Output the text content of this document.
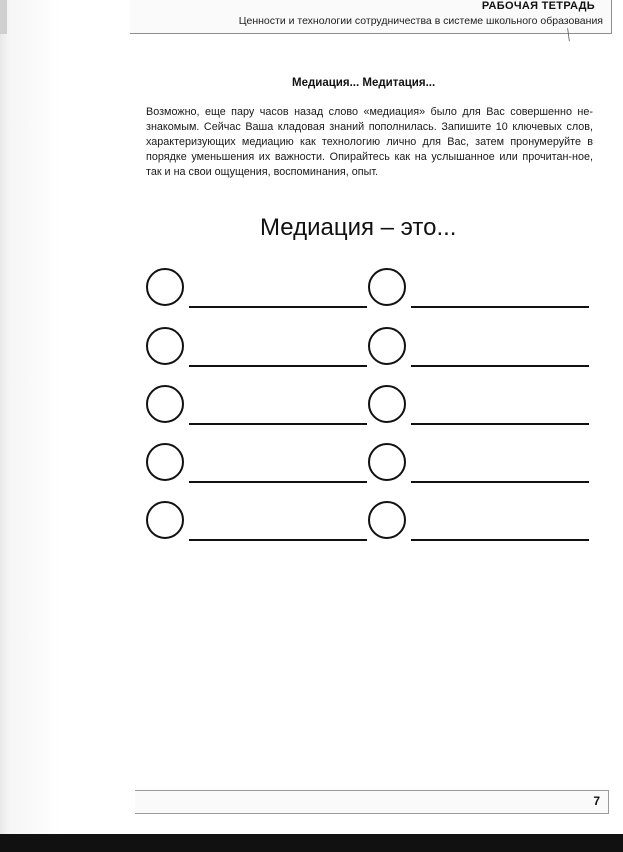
РАБОЧАЯ ТЕТРАДЬ
Ценности и технологии сотрудничества в системе школьного образования
╱
Медиация... Медитация...
Возможно, еще пару часов назад слово «медиация» было для Вас совершенно не-знакомым. Сейчас Ваша кладовая знаний пополнилась. Запишите 10 ключевых слов, характеризующих медиацию как технологию лично для Вас, затем пронумеруйте в порядке уменьшения их важности. Опирайтесь как на услышанное или прочитан-ное, так и на свои ощущения, воспоминания, опыт.
Медиация – это...
7
